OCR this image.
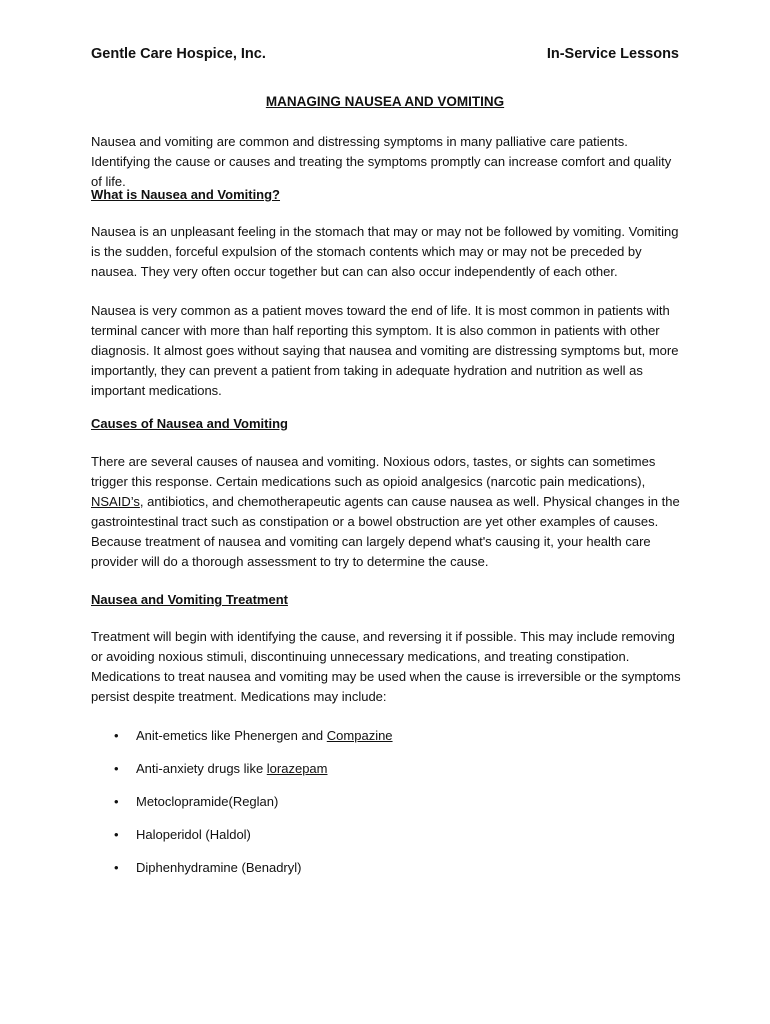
Gentle Care Hospice, Inc.	In-Service Lessons
MANAGING NAUSEA AND VOMITING
Nausea and vomiting are common and distressing symptoms in many palliative care patients. Identifying the cause or causes and treating the symptoms promptly can increase comfort and quality of life.
What is Nausea and Vomiting?
Nausea is an unpleasant feeling in the stomach that may or may not be followed by vomiting. Vomiting is the sudden, forceful expulsion of the stomach contents which may or may not be preceded by nausea. They very often occur together but can can also occur independently of each other.
Nausea is very common as a patient moves toward the end of life. It is most common in patients with terminal cancer with more than half reporting this symptom. It is also common in patients with other diagnosis. It almost goes without saying that nausea and vomiting are distressing symptoms but, more importantly, they can prevent a patient from taking in adequate hydration and nutrition as well as important medications.
Causes of Nausea and Vomiting
There are several causes of nausea and vomiting. Noxious odors, tastes, or sights can sometimes trigger this response. Certain medications such as opioid analgesics (narcotic pain medications), NSAID’s, antibiotics, and chemotherapeutic agents can cause nausea as well. Physical changes in the gastrointestinal tract such as constipation or a bowel obstruction are yet other examples of causes. Because treatment of nausea and vomiting can largely depend what's causing it, your health care provider will do a thorough assessment to try to determine the cause.
Nausea and Vomiting Treatment
Treatment will begin with identifying the cause, and reversing it if possible. This may include removing or avoiding noxious stimuli, discontinuing unnecessary medications, and treating constipation. Medications to treat nausea and vomiting may be used when the cause is irreversible or the symptoms persist despite treatment. Medications may include:
• Anit-emetics like Phenergen and Compazine
• Anti-anxiety drugs like lorazepam
• Metoclopramide(Reglan)
• Haloperidol (Haldol)
• Diphenhydramine (Benadryl)
